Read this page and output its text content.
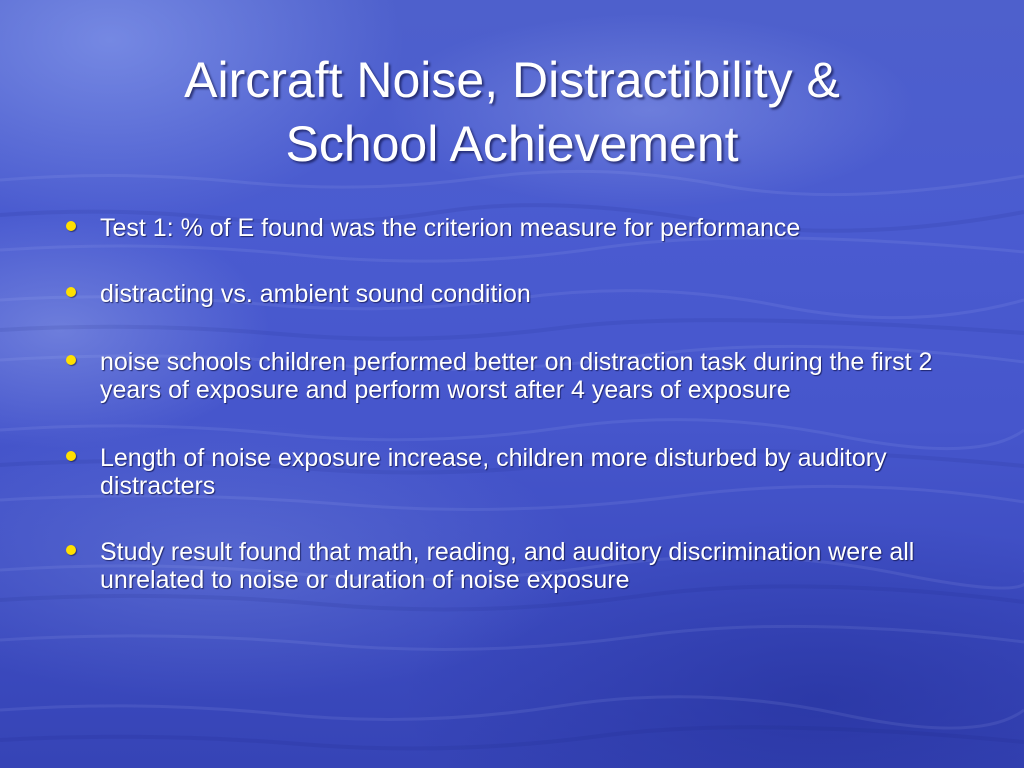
Aircraft Noise, Distractibility &
School Achievement
Test 1: % of E found was the criterion measure for performance
distracting vs. ambient sound condition
noise schools children performed better on distraction task during the first 2 years of exposure and perform worst after 4 years of exposure
Length of noise exposure increase, children more disturbed by auditory distracters
Study result found that math, reading, and auditory discrimination were all unrelated to noise or duration of noise exposure
